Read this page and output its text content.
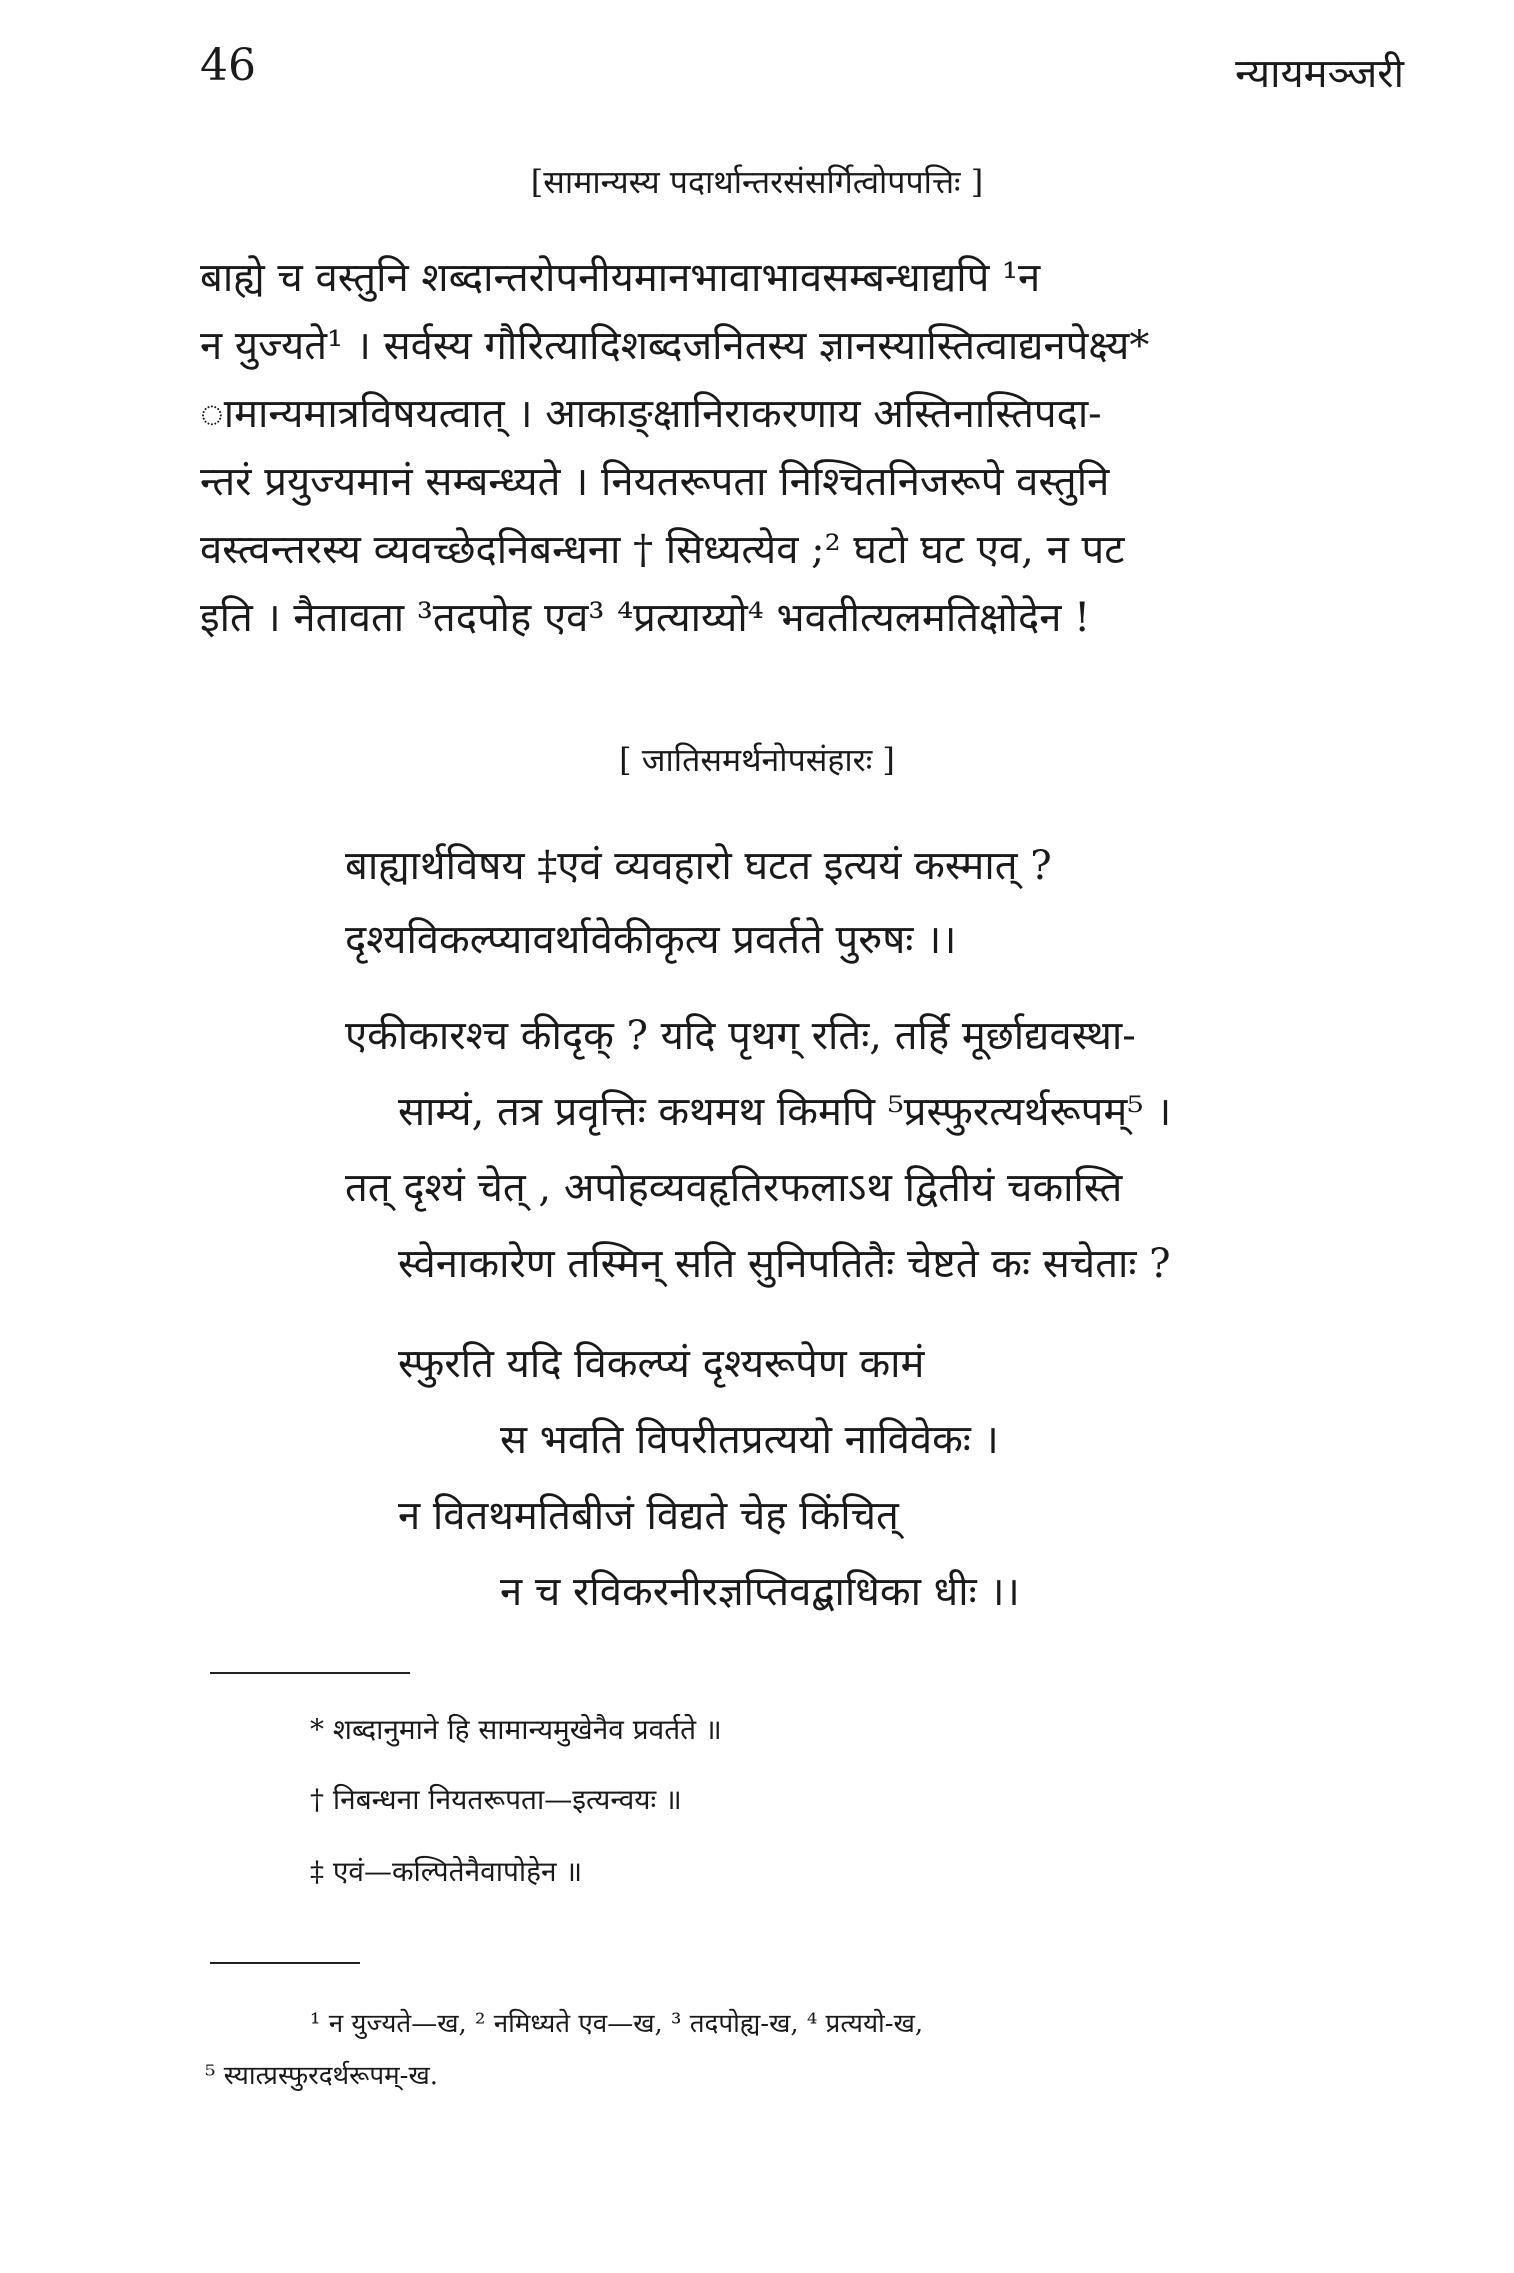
46	न्यायमञ्जरी
[सामान्यस्य पदार्थान्तरसंसर्गित्वोपपत्तिः ]
बाह्ये च वस्तुनि शब्दान्तरोपनीयमानभावाभावसम्बन्धाद्यपि ¹न
न युज्यते¹ । सर्वस्य गौरित्यादिशब्दजनितस्य ज्ञानस्यास्तित्वाद्यनपेक्ष्य*
ामान्यमात्रविषयत्वात् । आकाङ्क्षानिराकरणाय अस्तिनास्तिपदा-
न्तरं प्रयुज्यमानं सम्बन्ध्यते । नियतरूपता निश्चितनिजरूपे वस्तुनि
वस्त्वन्तरस्य व्यवच्छेदनिबन्धना † सिध्यत्येव ;² घटो घट एव, न पट
इति । नैतावता ³तदपोह एव³ ⁴प्रत्याय्यो⁴ भवतीत्यलमतिक्षोदेन !
[ जातिसमर्थनोपसंहारः ]
बाह्यार्थविषय ‡एवं व्यवहारो घटत इत्ययं कस्मात् ?
दृश्यविकल्प्यावर्थावेकीकृत्य प्रवर्तते पुरुषः ।।
एकीकारश्च कीदृक् ? यदि पृथग् रतिः, तर्हि मूर्छाद्यवस्था-
साम्यं, तत्र प्रवृत्तिः कथमथ किमपि ⁵प्रस्फुरत्यर्थरूपम्⁵ ।
तत् दृश्यं चेत् , अपोहव्यवहृतिरफलाऽथ द्वितीयं चकास्ति
स्वेनाकारेण तस्मिन् सति सुनिपतितैः चेष्टते कः सचेताः ?
स्फुरति यदि विकल्प्यं दृश्यरूपेण कामं
स भवति विपरीतप्रत्ययो नाविवेकः ।
न वितथमतिबीजं विद्यते चेह किंचित्
न च रविकरनीरज्ञप्तिवद्बाधिका धीः ।।
* शब्दानुमाने हि सामान्यमुखेनैव प्रवर्तते ॥
† निबन्धना नियतरूपता—इत्यन्वयः ॥
‡ एवं—कल्पितेनैवापोहेन ॥
¹ न युज्यते—ख, ² नमिध्यते एव—ख, ³ तदपोह्य-ख, ⁴ प्रत्ययो-ख,
⁵ स्यात्प्रस्फुरदर्थरूपम्-ख.
